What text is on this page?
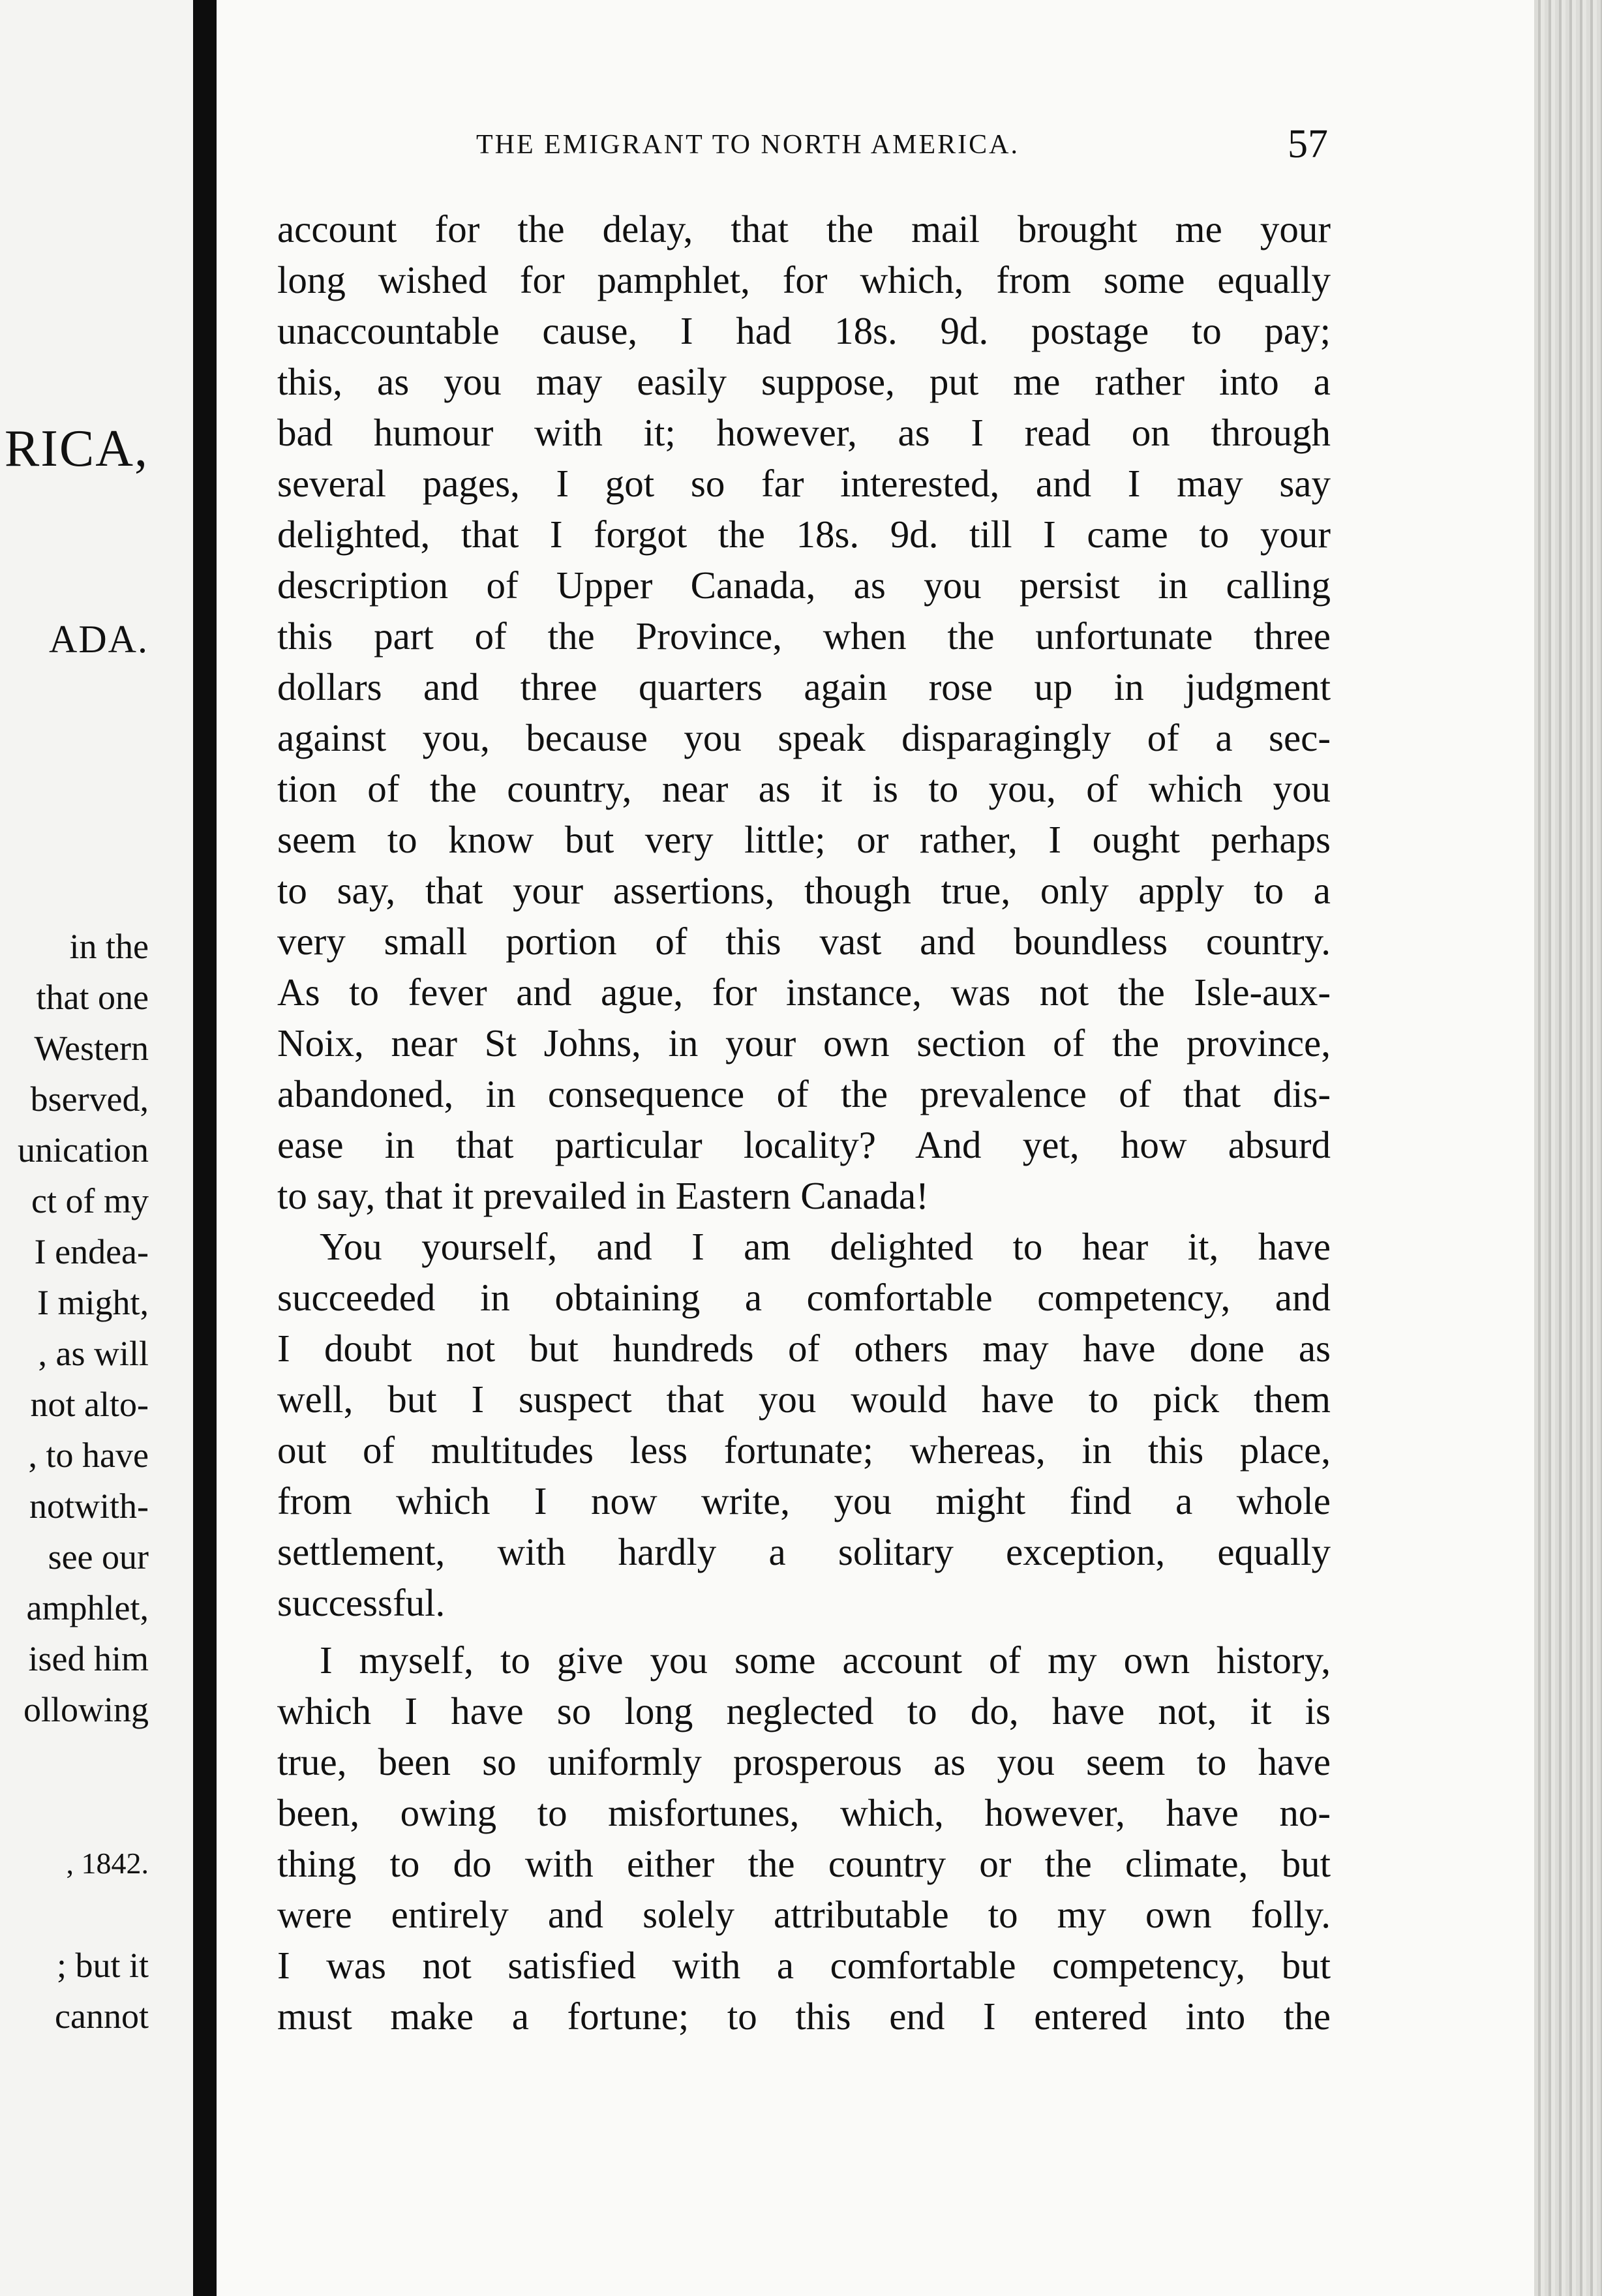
RICA,
ADA.
in the
that one
Western
bserved,
unication
ct of my
I endea-
I might,
, as will
not alto-
, to have
notwith-
see our
amphlet,
ised him
ollowing
, 1842.
; but it
cannot
THE EMIGRANT TO NORTH AMERICA.	57
account for the delay, that the mail brought me your
long wished for pamphlet, for which, from some equally
unaccountable cause, I had 18s. 9d. postage to pay;
this, as you may easily suppose, put me rather into a
bad humour with it; however, as I read on through
several pages, I got so far interested, and I may say
delighted, that I forgot the 18s. 9d. till I came to your
description of Upper Canada, as you persist in calling
this part of the Province, when the unfortunate three
dollars and three quarters again rose up in judgment
against you, because you speak disparagingly of a sec-
tion of the country, near as it is to you, of which you
seem to know but very little; or rather, I ought perhaps
to say, that your assertions, though true, only apply to a
very small portion of this vast and boundless country.
As to fever and ague, for instance, was not the Isle-aux-
Noix, near St Johns, in your own section of the province,
abandoned, in consequence of the prevalence of that dis-
ease in that particular locality? And yet, how absurd
to say, that it prevailed in Eastern Canada!
You yourself, and I am delighted to hear it, have
succeeded in obtaining a comfortable competency, and
I doubt not but hundreds of others may have done as
well, but I suspect that you would have to pick them
out of multitudes less fortunate; whereas, in this place,
from which I now write, you might find a whole
settlement, with hardly a solitary exception, equally
successful.
I myself, to give you some account of my own history,
which I have so long neglected to do, have not, it is
true, been so uniformly prosperous as you seem to have
been, owing to misfortunes, which, however, have no-
thing to do with either the country or the climate, but
were entirely and solely attributable to my own folly.
I was not satisfied with a comfortable competency, but
must make a fortune; to this end I entered into the
